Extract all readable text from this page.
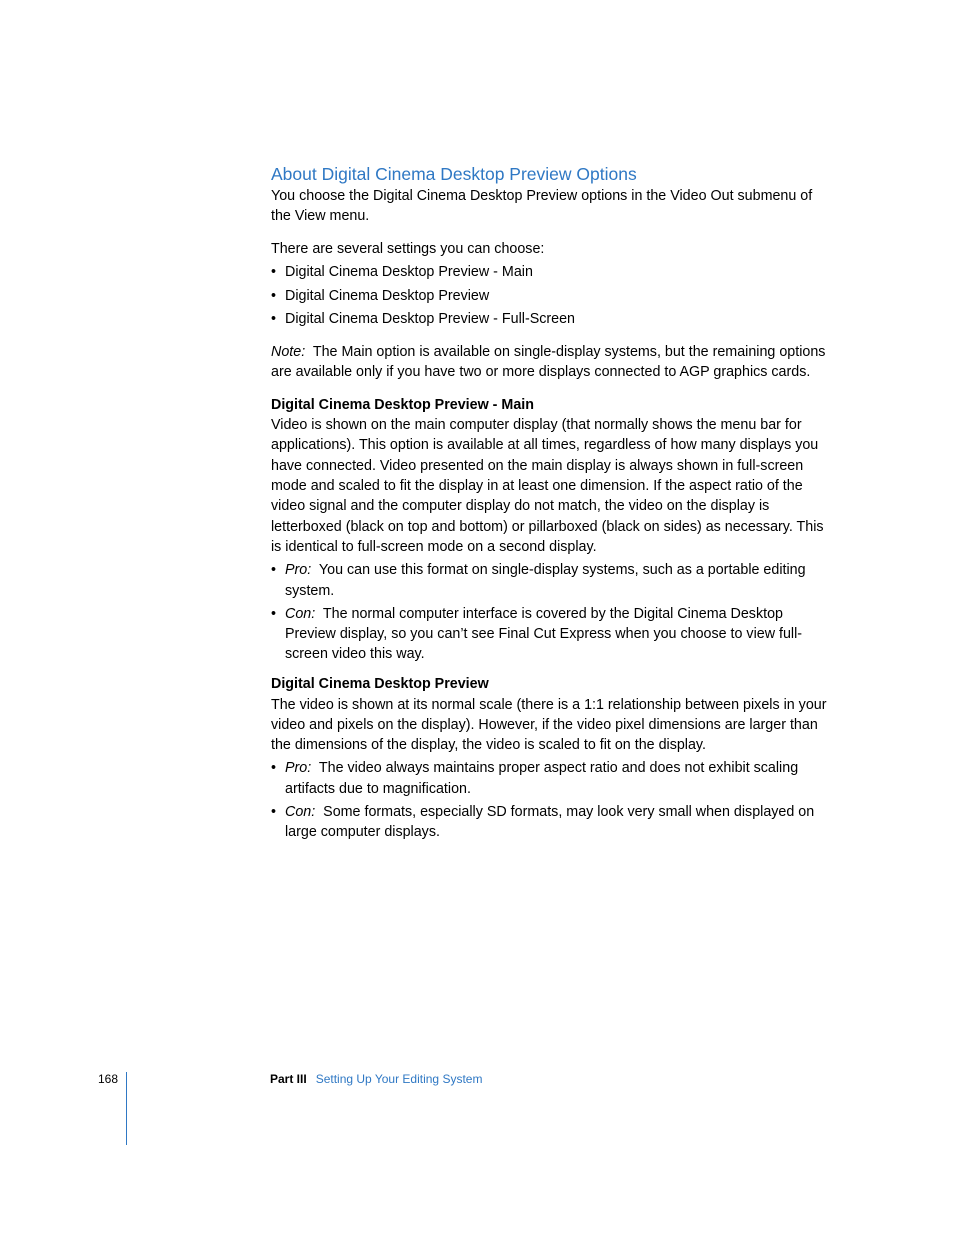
About Digital Cinema Desktop Preview Options

You choose the Digital Cinema Desktop Preview options in the Video Out submenu of the View menu.

There are several settings you can choose:

• Digital Cinema Desktop Preview - Main
• Digital Cinema Desktop Preview
• Digital Cinema Desktop Preview - Full-Screen

Note: The Main option is available on single-display systems, but the remaining options are available only if you have two or more displays connected to AGP graphics cards.

Digital Cinema Desktop Preview - Main

Video is shown on the main computer display (that normally shows the menu bar for applications). This option is available at all times, regardless of how many displays you have connected. Video presented on the main display is always shown in full-screen mode and scaled to fit the display in at least one dimension. If the aspect ratio of the video signal and the computer display do not match, the video on the display is letterboxed (black on top and bottom) or pillarboxed (black on sides) as necessary. This is identical to full-screen mode on a second display.

• Pro: You can use this format on single-display systems, such as a portable editing system.
• Con: The normal computer interface is covered by the Digital Cinema Desktop Preview display, so you can’t see Final Cut Express when you choose to view full-screen video this way.
Digital Cinema Desktop Preview

The video is shown at its normal scale (there is a 1:1 relationship between pixels in your video and pixels on the display). However, if the video pixel dimensions are larger than the dimensions of the display, the video is scaled to fit on the display.

• Pro: The video always maintains proper aspect ratio and does not exhibit scaling artifacts due to magnification.
• Con: Some formats, especially SD formats, may look very small when displayed on large computer displays.
168	Part III Setting Up Your Editing System
